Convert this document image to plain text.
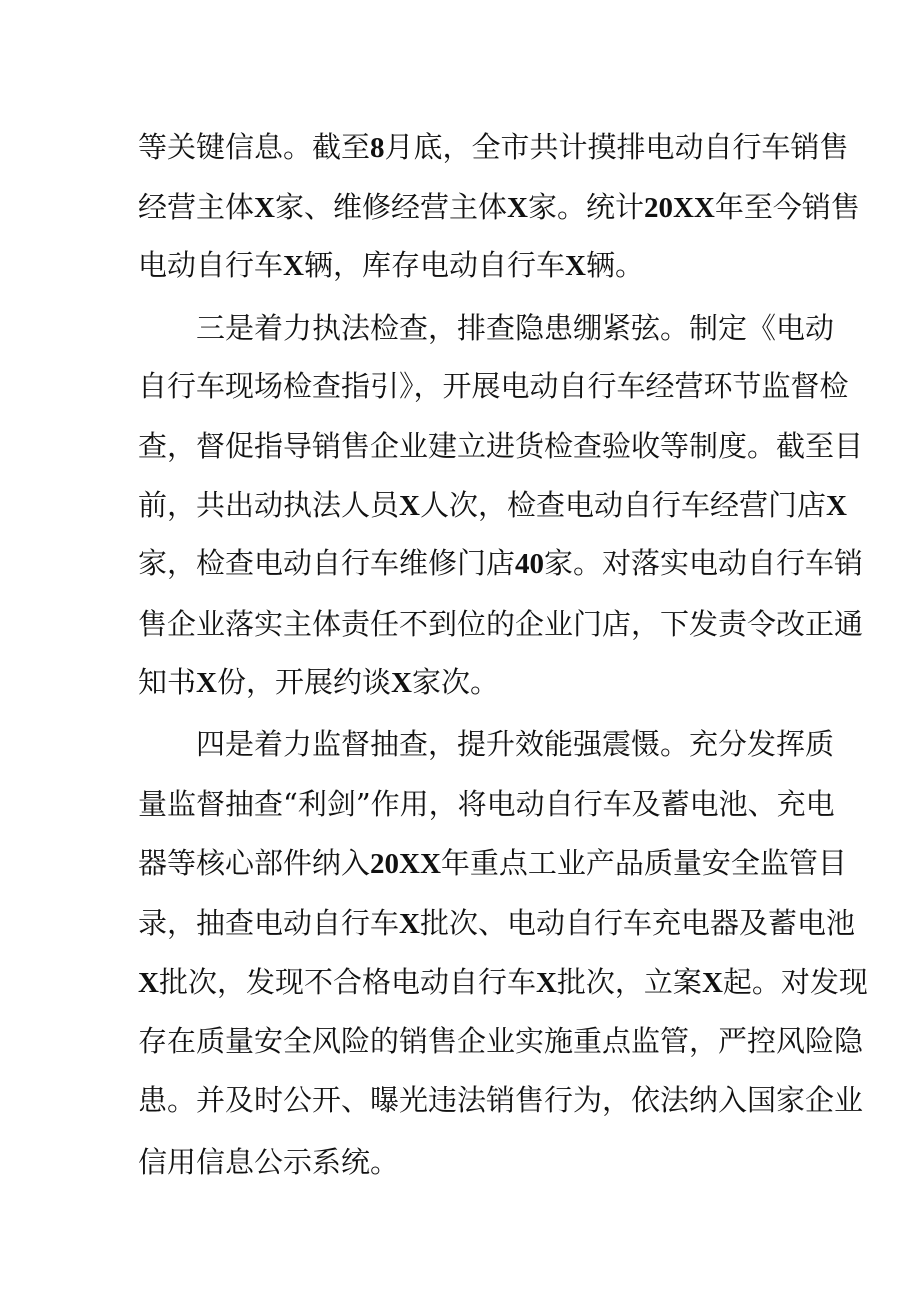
等关键信息。截至8月底，全市共计摸排电动自行车销售
经营主体X家、维修经营主体X家。统计20XX年至今销售
电动自行车X辆，库存电动自行车X辆。
三是着力执法检查，排查隐患绷紧弦。制定《电动
自行车现场检查指引》，开展电动自行车经营环节监督检
查，督促指导销售企业建立进货检查验收等制度。截至目
前，共出动执法人员X人次，检查电动自行车经营门店X
家，检查电动自行车维修门店40家。对落实电动自行车销
售企业落实主体责任不到位的企业门店，下发责令改正通
知书X份，开展约谈X家次。
四是着力监督抽查，提升效能强震慑。充分发挥质
量监督抽查“利剑”作用，将电动自行车及蓄电池、充电
器等核心部件纳入20XX年重点工业产品质量安全监管目
录，抽查电动自行车X批次、电动自行车充电器及蓄电池
X批次，发现不合格电动自行车X批次，立案X起。对发现
存在质量安全风险的销售企业实施重点监管，严控风险隐
患。并及时公开、曝光违法销售行为，依法纳入国家企业
信用信息公示系统。
